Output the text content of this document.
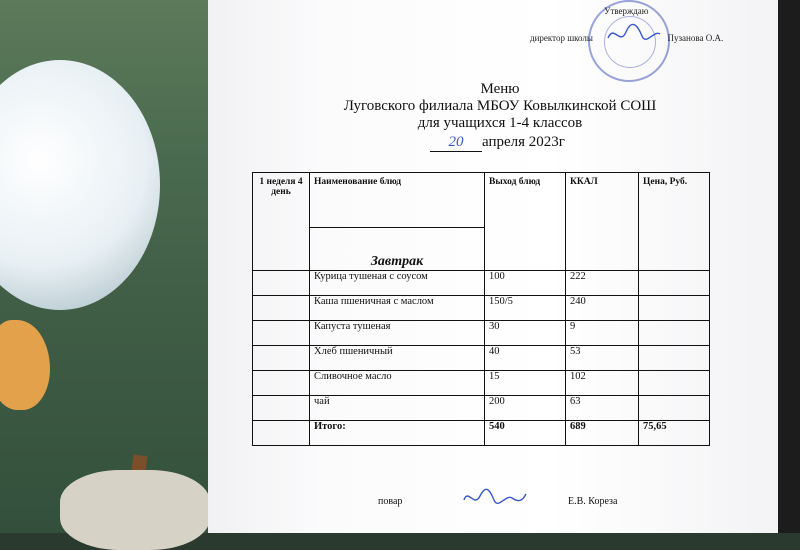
Утверждаю
директор школы	Пузанова О.А.
Меню
Луговского филиала МБОУ Ковылкинской СОШ
для учащихся 1-4 классов
20 апреля 2023г
1 неделя 4 день	Наименование блюд	Выход блюд	ККАЛ	Цена, Руб.
	Завтрак			
	Курица тушеная с соусом	100	222	
	Каша пшеничная с маслом	150/5	240	
	Капуста тушеная	30	9	
	Хлеб пшеничный	40	53	
	Сливочное масло	15	102	
	чай	200	63	
	Итого:	540	689	75,65
повар	Е.В. Кореза
